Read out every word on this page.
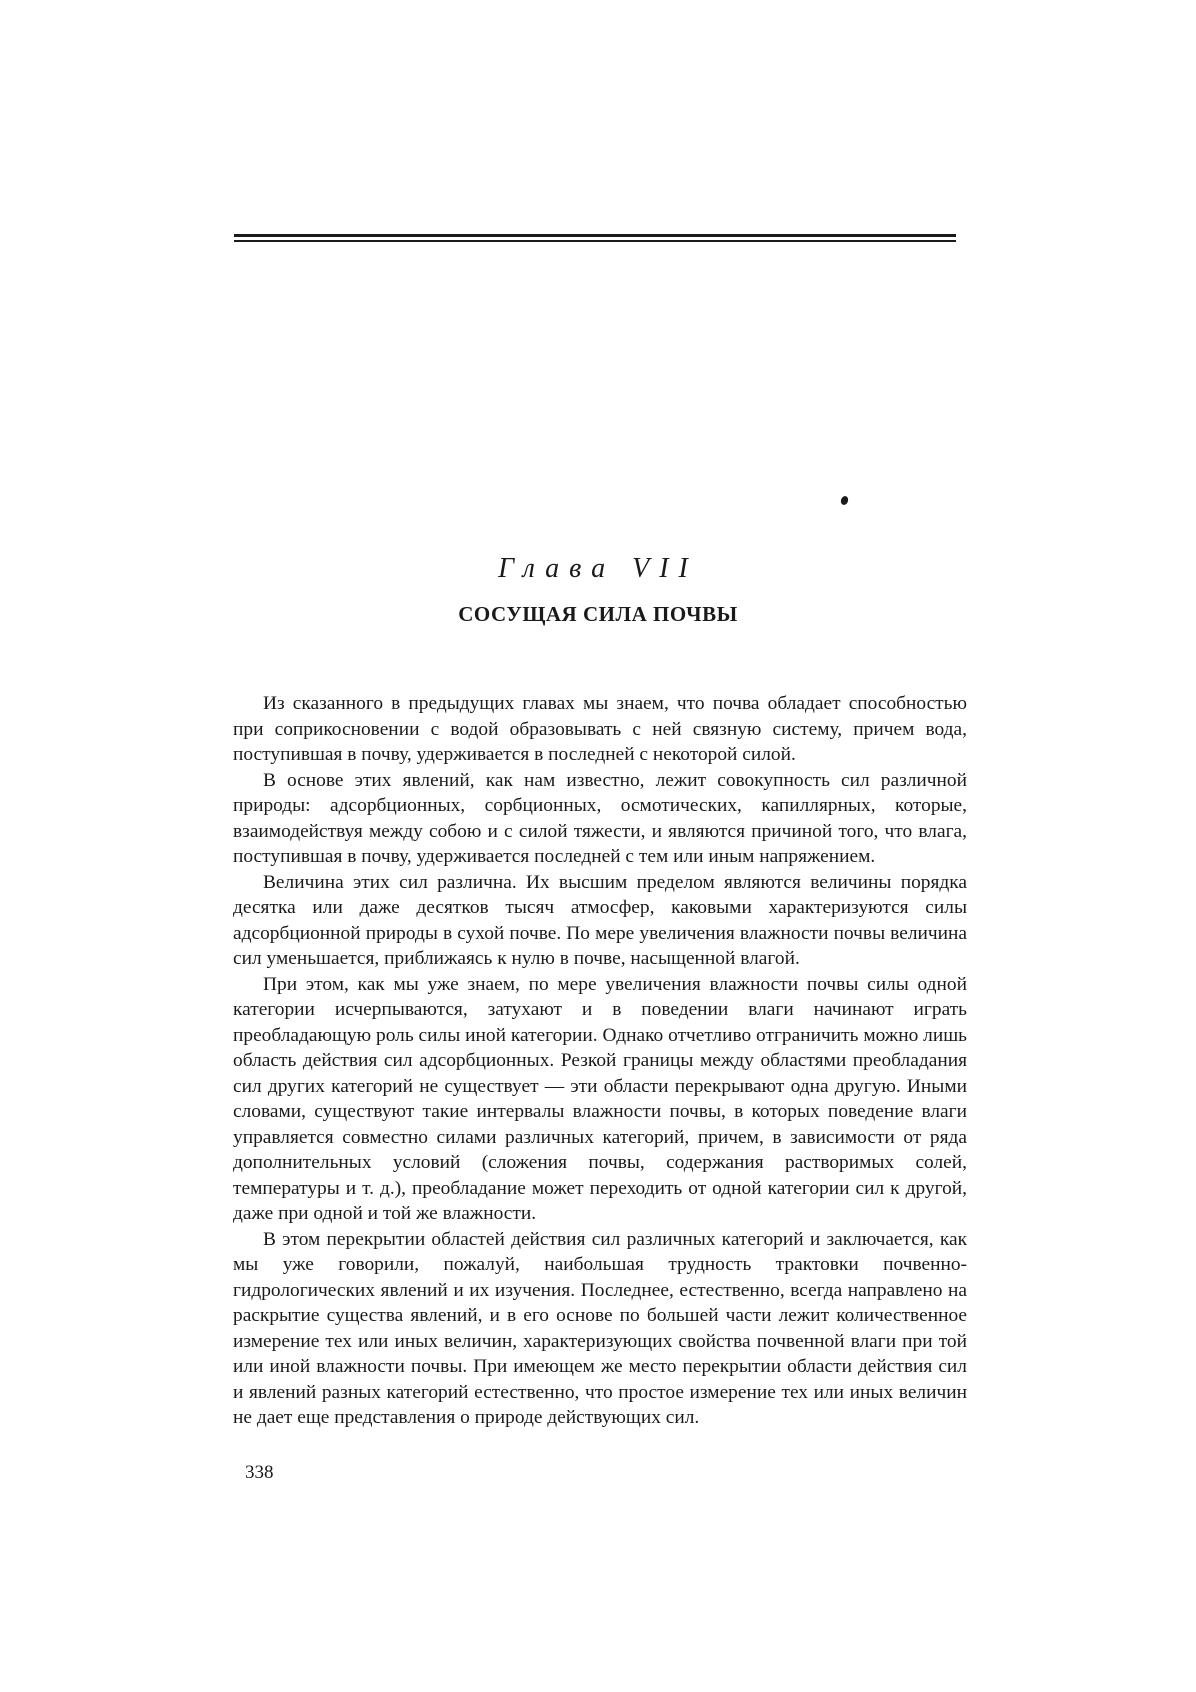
Глава VII
СОСУЩАЯ СИЛА ПОЧВЫ

Из сказанного в предыдущих главах мы знаем, что почва обладает способностью при соприкосновении с водой образовывать с ней связную систему, причем вода, поступившая в почву, удерживается в последней с некоторой силой.

В основе этих явлений, как нам известно, лежит совокупность сил различной природы: адсорбционных, сорбционных, осмотических, капиллярных, которые, взаимодействуя между собою и с силой тяжести, и являются причиной того, что влага, поступившая в почву, удерживается последней с тем или иным напряжением.

Величина этих сил различна. Их высшим пределом являются величины порядка десятка или даже десятков тысяч атмосфер, каковыми характеризуются силы адсорбционной природы в сухой почве. По мере увеличения влажности почвы величина сил уменьшается, приближаясь к нулю в почве, насыщенной влагой.

При этом, как мы уже знаем, по мере увеличения влажности почвы силы одной категории исчерпываются, затухают и в поведении влаги начинают играть преобладающую роль силы иной категории. Однако отчетливо отграничить можно лишь область действия сил адсорбционных. Резкой границы между областями преобладания сил других категорий не существует — эти области перекрывают одна другую. Иными словами, существуют такие интервалы влажности почвы, в которых поведение влаги управляется совместно силами различных категорий, причем, в зависимости от ряда дополнительных условий (сложения почвы, содержания растворимых солей, температуры и т. д.), преобладание может переходить от одной категории сил к другой, даже при одной и той же влажности.

В этом перекрытии областей действия сил различных категорий и заключается, как мы уже говорили, пожалуй, наибольшая трудность трактовки почвенно-гидрологических явлений и их изучения. Последнее, естественно, всегда направлено на раскрытие существа явлений, и в его основе по большей части лежит количественное измерение тех или иных величин, характеризующих свойства почвенной влаги при той или иной влажности почвы. При имеющем же место перекрытии области действия сил и явлений разных категорий естественно, что простое измерение тех или иных величин не дает еще представления о природе действующих сил.

338
